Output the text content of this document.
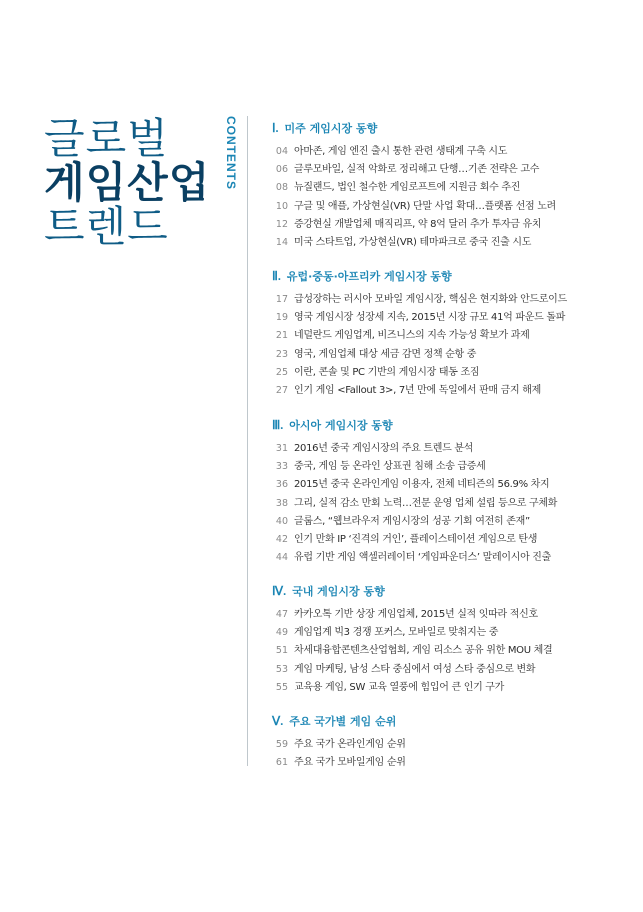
글로벌
게임산업
트렌드
CONTENTS	Ⅰ. 미주 게임시장 동향
04 아마존, 게임 엔진 출시 통한 관련 생태계 구축 시도
06 글루모바일, 실적 악화로 정리해고 단행…기존 전략은 고수
08 뉴질랜드, 법인 철수한 게임로프트에 지원금 회수 추진
10 구글 및 애플, 가상현실(VR) 단말 사업 확대…플랫폼 선점 노려
12 증강현실 개발업체 매직리프, 약 8억 달러 추가 투자금 유치
14 미국 스타트업, 가상현실(VR) 테마파크로 중국 진출 시도
Ⅱ. 유럽·중동·아프리카 게임시장 동향
17 급성장하는 러시아 모바일 게임시장, 핵심은 현지화와 안드로이드
19 영국 게임시장 성장세 지속, 2015년 시장 규모 41억 파운드 돌파
21 네덜란드 게임업계, 비즈니스의 지속 가능성 확보가 과제
23 영국, 게임업체 대상 세금 감면 정책 순항 중
25 이란, 콘솔 및 PC 기반의 게임시장 태동 조짐
27 인기 게임 <Fallout 3>, 7년 만에 독일에서 판매 금지 해제
Ⅲ. 아시아 게임시장 동향
31 2016년 중국 게임시장의 주요 트렌드 분석
33 중국, 게임 등 온라인 상표권 침해 소송 급증세
36 2015년 중국 온라인게임 이용자, 전체 네티즌의 56.9% 차지
38 그리, 실적 감소 만회 노력…전문 운영 업체 설립 등으로 구체화
40 글룹스, “웹브라우저 게임시장의 성공 기회 여전히 존재”
42 인기 만화 IP ‘진격의 거인’, 플레이스테이션 게임으로 탄생
44 유럽 기반 게임 액셀러레이터 ‘게임파운더스’ 말레이시아 진출
Ⅳ. 국내 게임시장 동향
47 카카오톡 기반 상장 게임업체, 2015년 실적 잇따라 적신호
49 게임업계 빅3 경쟁 포커스, 모바일로 맞춰지는 중
51 차세대융합콘텐츠산업협회, 게임 리소스 공유 위한 MOU 체결
53 게임 마케팅, 남성 스타 중심에서 여성 스타 중심으로 변화
55 교육용 게임, SW 교육 열풍에 힘입어 큰 인기 구가
Ⅴ. 주요 국가별 게임 순위
59 주요 국가 온라인게임 순위
61 주요 국가 모바일게임 순위
